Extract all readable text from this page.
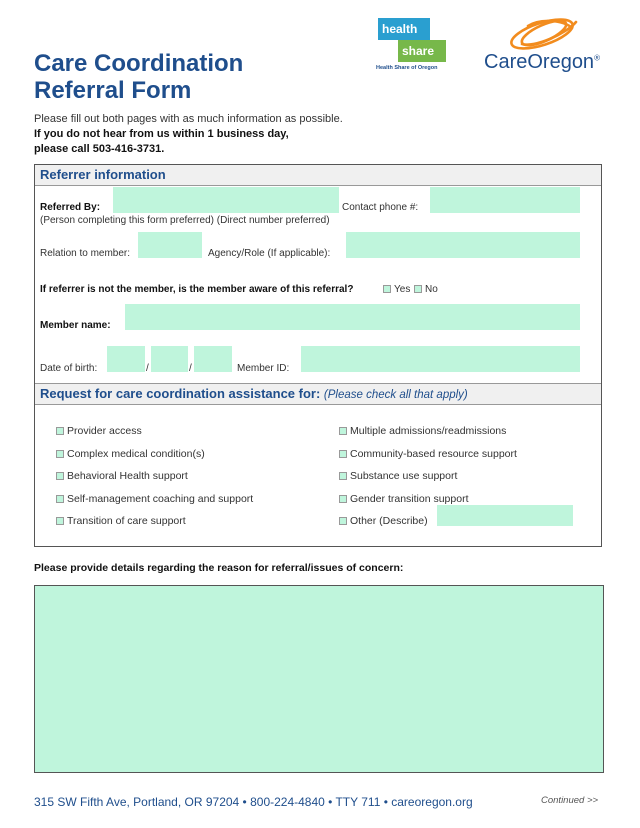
Care Coordination
Referral Form
Please fill out both pages with as much information as possible.
If you do not hear from us within 1 business day,
please call 503-416-3731.
health
share
Health Share of Oregon CareOregon®
Referrer information
Referred By:	Contact phone #:
(Person completing this form preferred) (Direct number preferred)
Relation to member:	Agency/Role (If applicable):
If referrer is not the member, is the member aware of this referral?	Yes No
Member name:
Date of birth:	/	/	Member ID:
Request for care coordination assistance for: (Please check all that apply)
Provider access
Complex medical condition(s)
Behavioral Health support
Self-management coaching and support
Transition of care support
Multiple admissions/readmissions
Community-based resource support
Substance use support
Gender transition support
Other (Describe)
Please provide details regarding the reason for referral/issues of concern:
315 SW Fifth Ave, Portland, OR 97204 • 800-224-4840 • TTY 711 • careoregon.org	Continued >>
